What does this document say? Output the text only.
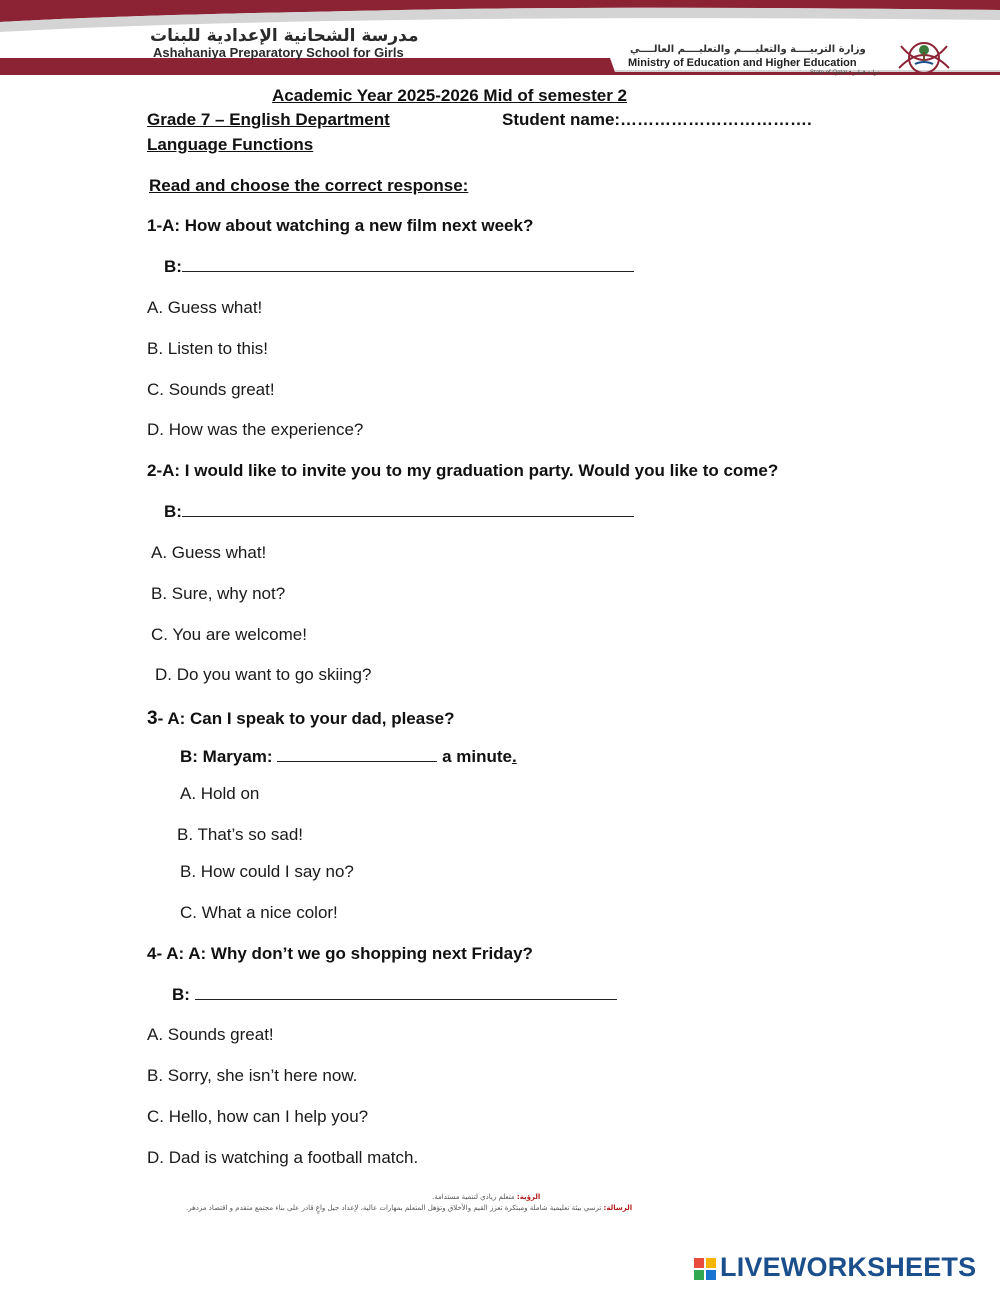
مدرسة الشحانية الإعدادية للبنات
Ashahaniya Preparatory School for Girls	وزارة التربيــــة والتعليــــم والتعليــــم العالــــي
Ministry of Education and Higher Education
State of Qatar • دولـة قطـر
Academic Year 2025-2026 Mid of semester 2
Grade 7 – English Department	Student name:…………………………….
Language Functions
Read and choose the correct response:
1-A: How about watching a new film next week?
B:
A. Guess what!
B. Listen to this!
C. Sounds great!
D. How was the experience?
2-A: I would like to invite you to my graduation party. Would you like to come?
B:
A. Guess what!
B. Sure, why not?
C. You are welcome!
D. Do you want to go skiing?
3- A: Can I speak to your dad, please?
B: Maryam:	a minute.
A. Hold on
B. That’s so sad!
B. How could I say no?
C. What a nice color!
4- A: A: Why don’t we go shopping next Friday?
B:
A. Sounds great!
B. Sorry, she isn’t here now.
C. Hello, how can I help you?
D. Dad is watching a football match.
الرؤية: متعلم ريادي لتنمية مستدامة.
الرسالة: ترسي بيئة تعليمية شاملة ومبتكرة تعزز القيم والأخلاق وتؤهل المتعلم بمهارات عالية، لإعداد جيل واعٍ قادر على بناء مجتمع متقدم و اقتصاد مزدهر.
LIVEWORKSHEETS
